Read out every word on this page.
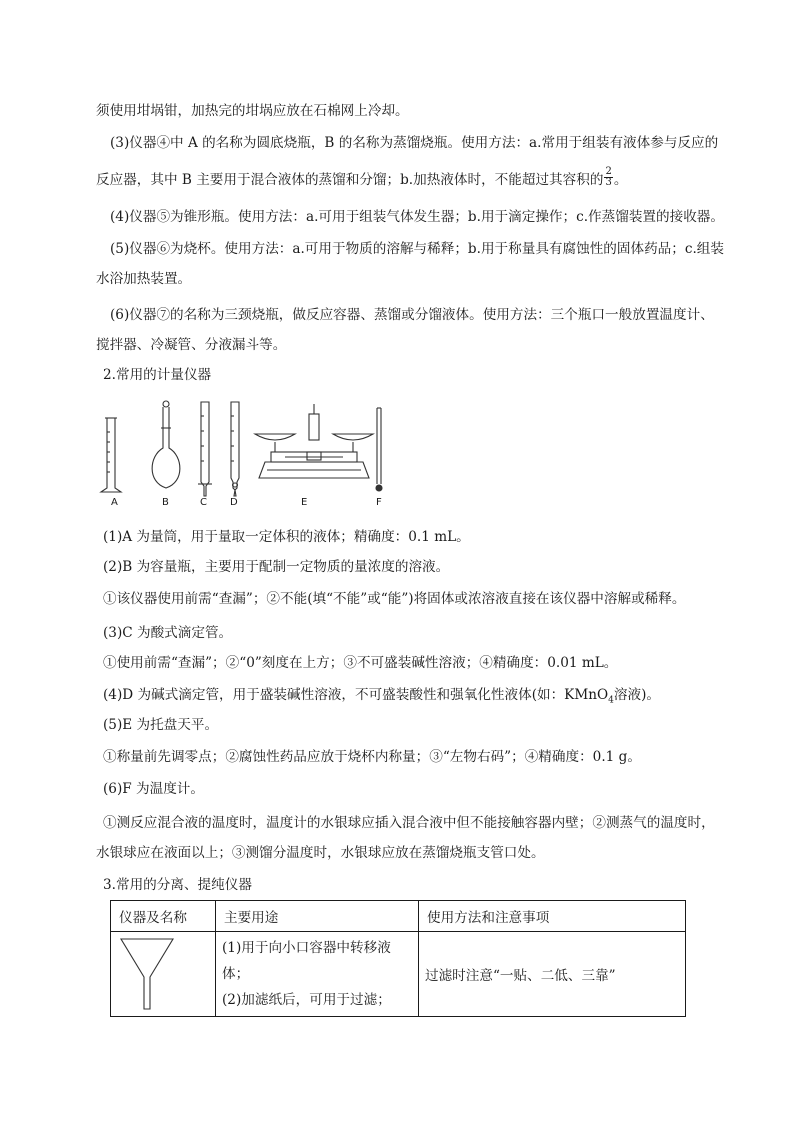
须使用坩埚钳，加热完的坩埚应放在石棉网上冷却。
(3)仪器④中 A 的名称为圆底烧瓶，B 的名称为蒸馏烧瓶。使用方法：a.常用于组装有液体参与反应的
反应器，其中 B 主要用于混合液体的蒸馏和分馏；b.加热液体时，不能超过其容积的 $\frac{2}{3}$ 。
(4)仪器⑤为锥形瓶。使用方法：a.可用于组装气体发生器；b.用于滴定操作；c.作蒸馏装置的接收器。
(5)仪器⑥为烧杯。使用方法：a.可用于物质的溶解与稀释；b.用于称量具有腐蚀性的固体药品；c.组装
水浴加热装置。
(6)仪器⑦的名称为三颈烧瓶，做反应容器、蒸馏或分馏液体。使用方法：三个瓶口一般放置温度计、
搅拌器、冷凝管、分液漏斗等。
2.常用的计量仪器
A	B	C D	E	F
(1)A 为量筒，用于量取一定体积的液体；精确度：0.1 mL。
(2)B 为容量瓶，主要用于配制一定物质的量浓度的溶液。
①该仪器使用前需“查漏”；②不能(填“不能”或“能”)将固体或浓溶液直接在该仪器中溶解或稀释。
(3)C 为酸式滴定管。
①使用前需“查漏”；②“0”刻度在上方；③不可盛装碱性溶液；④精确度：0.01 mL。
(4)D 为碱式滴定管，用于盛装碱性溶液，不可盛装酸性和强氧化性液体(如：KMnO$_4$溶液)。
(5)E 为托盘天平。
①称量前先调零点；②腐蚀性药品应放于烧杯内称量；③“左物右码”；④精确度：0.1 g。
(6)F 为温度计。
①测反应混合液的温度时，温度计的水银球应插入混合液中但不能接触容器内壁；②测蒸气的温度时，
水银球应在液面以上；③测馏分温度时，水银球应放在蒸馏烧瓶支管口处。
3.常用的分离、提纯仪器
仪器及名称	主要用途	使用方法和注意事项

(1)用于向小口容器中转移液体；
(2)加滤纸后，可用于过滤；	过滤时注意“一贴、二低、三靠”
